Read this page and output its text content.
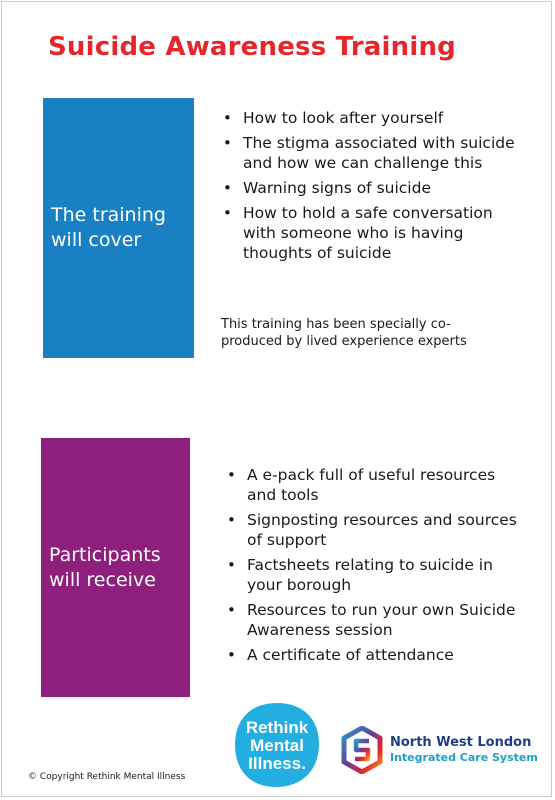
Suicide Awareness Training
The training
will cover
• How to look after yourself
• The stigma associated with suicide and how we can challenge this
• Warning signs of suicide
• How to hold a safe conversation with someone who is having thoughts of suicide
This training has been specially co-produced by lived experience experts
Participants
will receive
• A e-pack full of useful resources and tools
• Signposting resources and sources of support
• Factsheets relating to suicide in your borough
• Resources to run your own Suicide Awareness session
• A certificate of attendance
© Copyright Rethink Mental Illness
Rethink
Mental
Illness.
North West London
Integrated Care System
